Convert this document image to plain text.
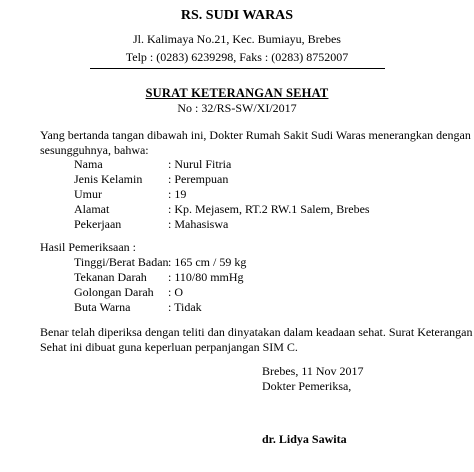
RS. SUDI WARAS
Jl. Kalimaya No.21, Kec. Bumiayu, Brebes
Telp : (0283) 6239298, Faks : (0283) 8752007
SURAT KETERANGAN SEHAT
No : 32/RS-SW/XI/2017
Yang bertanda tangan dibawah ini, Dokter Rumah Sakit Sudi Waras menerangkan dengan
sesungguhnya, bahwa:
Nama	: Nurul Fitria
Jenis Kelamin : Perempuan
Umur	: 19
Alamat	: Kp. Mejasem, RT.2 RW.1 Salem, Brebes
Pekerjaan	: Mahasiswa
Hasil Pemeriksaan :
Tinggi/Berat Badan : 165 cm / 59 kg
Tekanan Darah : 110/80 mmHg
Golongan Darah : O
Buta Warna	: Tidak
Benar telah diperiksa dengan teliti dan dinyatakan dalam keadaan sehat. Surat Keterangan
Sehat ini dibuat guna keperluan perpanjangan SIM C.
Brebes, 11 Nov 2017
Dokter Pemeriksa,
dr. Lidya Sawita
